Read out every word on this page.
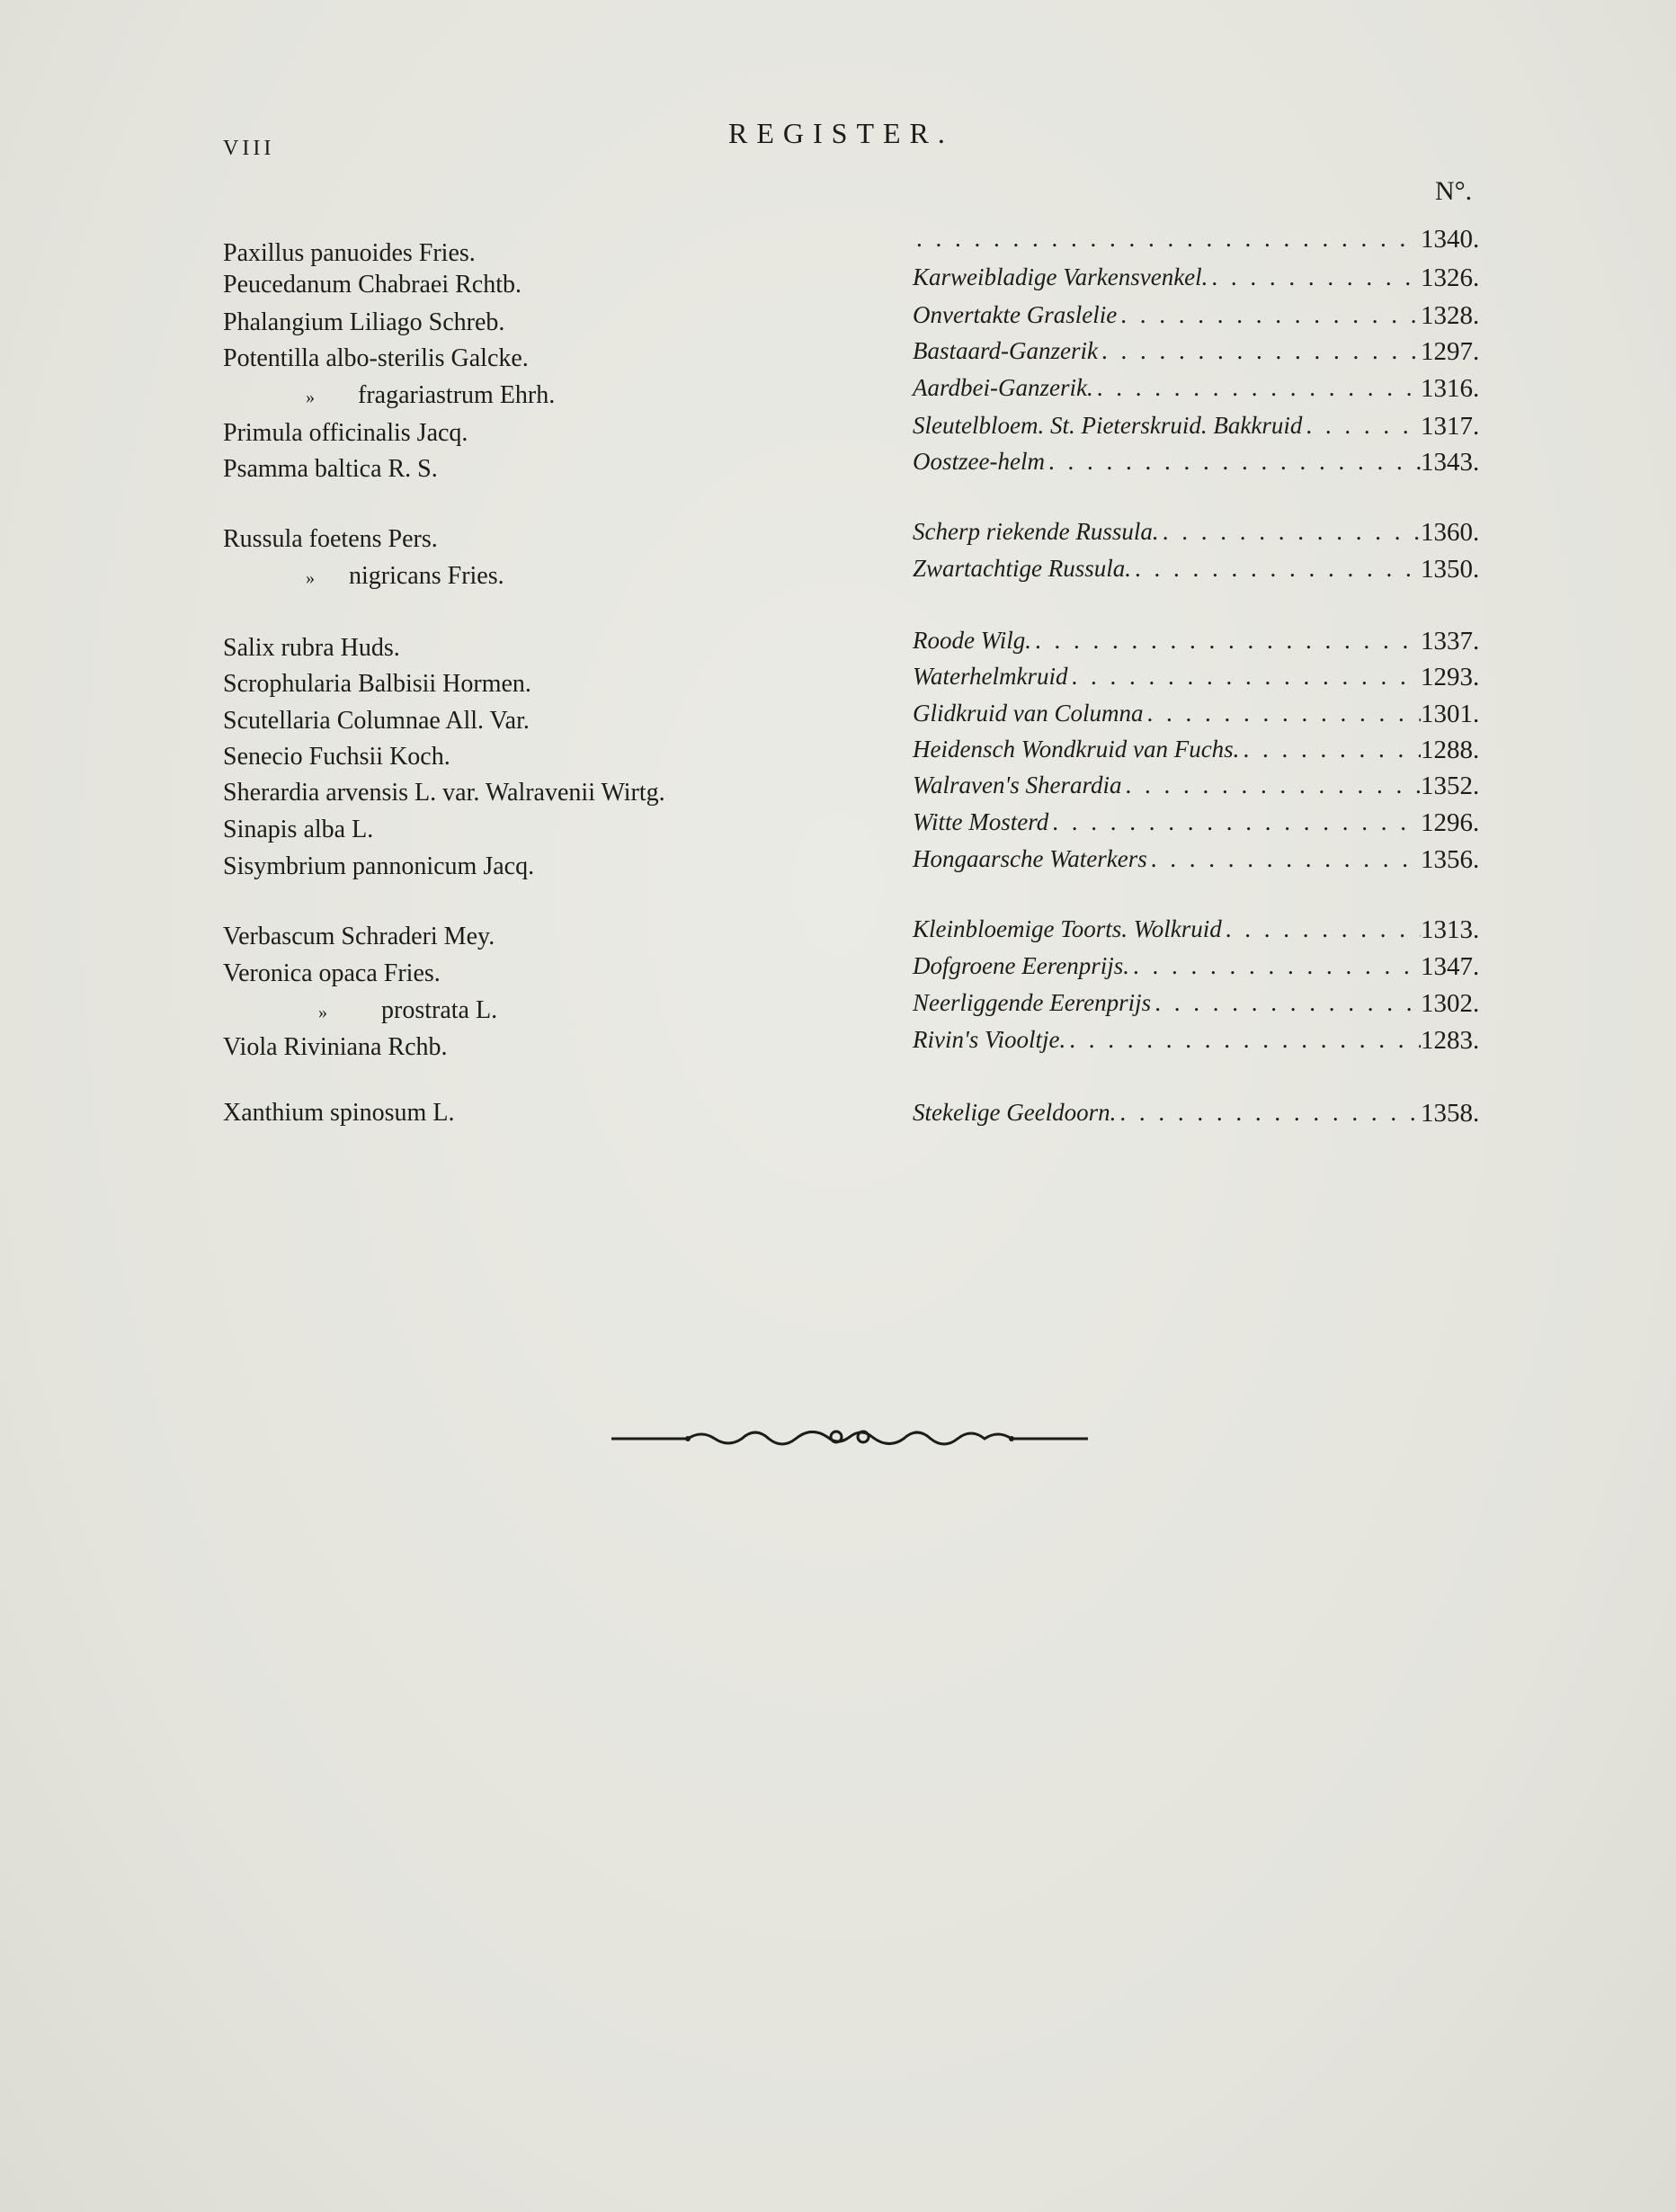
VIII	REGISTER.
N°.
Paxillus panuoides Fries. . . .	1340.
Peucedanum Chabraei Rchtb.	Karweibladige Varkensvenkel. . . .	1326.
Phalangium Liliago Schreb.	Onvertakte Graslelie . . .	1328.
Potentilla albo-sterilis Galcke.	Bastaard-Ganzerik . . .	1297.
» fragariastrum Ehrh.	Aardbei-Ganzerik. . . .	1316.
Primula officinalis Jacq.	Sleutelbloem. St. Pieterskruid. Bakkruid . . .	1317.
Psamma baltica R. S.	Oostzee-helm . . .	1343.
Russula foetens Pers.	Scherp riekende Russula. . . .	1360.
» nigricans Fries.	Zwartachtige Russula. . . .	1350.
Salix rubra Huds.	Roode Wilg. . . .	1337.
Scrophularia Balbisii Hormen.	Waterhelmkruid . . .	1293.
Scutellaria Columnae All. Var.	Glidkruid van Columna . . .	1301.
Senecio Fuchsii Koch.	Heidensch Wondkruid van Fuchs. . . .	1288.
Sherardia arvensis L. var. Walravenii Wirtg.	Walraven's Sherardia . . .	1352.
Sinapis alba L.	Witte Mosterd . . .	1296.
Sisymbrium pannonicum Jacq.	Hongaarsche Waterkers . . .	1356.
Verbascum Schraderi Mey.	Kleinbloemige Toorts. Wolkruid . . .	1313.
Veronica opaca Fries.	Dofgroene Eerenprijs. . . .	1347.
» prostrata L.	Neerliggende Eerenprijs . . .	1302.
Viola Riviniana Rchb.	Rivin's Viooltje. . . .	1283.
Xanthium spinosum L.	Stekelige Geeldoorn. . . .	1358.
